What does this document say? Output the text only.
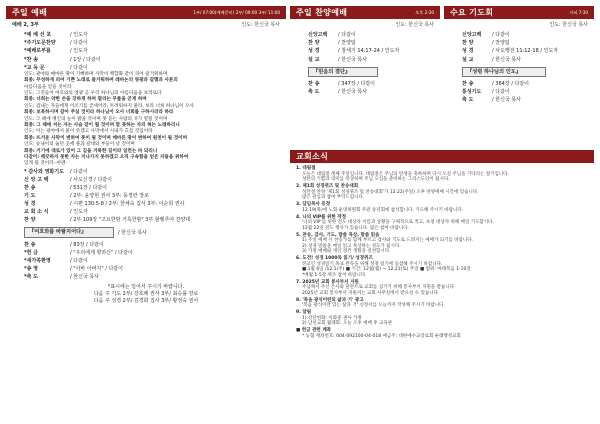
주일 예배	1부/ 07:00(예배준비) 2부/ 09:00 3부/ 11:00
예배 2, 3부	인도: 한신국 목사
*예 배 선 포	/ 인도자
*주기도문찬양	/ 다같이
*예배로부름	/ 인도자
*찬 송	/ 1장 / 다같이
*교 독 문	/ 다같이

인도: 광야와 메마른 땅이 기뻐하며 사막이 백합화 같이 피어 즐거워하며

회중: 무성하게 피어 기쁜 노래로 즐거워하며 레바논의 영광과 갈멜과 사론의

아름다움을 얻을 것이라

인도: 그것들이 여호와의 영광 곧 우리 하나님의 아름다움을 보리로다

회중: 너희는 약한 손을 강하게 하며 떨리는 무릎을 굳게 하며

인도: 겁내는 자들에게 이르기를 굳세어라, 두려워하지 말라, 보라 너희 하나님이 오사

회중: 보복하시며 갚아 주실 것이라 하나님이 오사 너희를 구하시리라 하라

인도: 그 때에 맹인의 눈이 밝을 것이며 못 듣는 사람의 귀가 열릴 것이며

회중: 그 때에 저는 자는 사슴 같이 뛸 것이며 말 못하는 자의 혀는 노래하리니

인도: 이는 광야에서 물이 솟겠고 사막에서 시내가 흐를 것임이라

회중: 뜨거운 사막이 변하여 못이 될 것이며 메마른 땅이 변하여 원천이 될 것이며

인도: 승냥이의 눕던 곳에 풀과 갈대와 부들이 날 것이며

회중: 거기에 대로가 있어 그 길을 거룩한 길이라 일컫는 바 되리니

다같이: 깨끗하지 못한 자는 지나가지 못하겠고 오직 구속함을 얻은 자들을 위하여

있게 될 것이라 -아멘-

* 감사와 영화기도	/ 다같이
신 앙 고 백	/ 사도신경 / 다같이
찬 송	/ 531장 / 다같이
기 도	/ 2부: 윤양현 권사 3부: 동정란 장로
성 경	/ 시편 130:5-8 / 2부: 한체숙 집사 3부: 이순희 권사
교 회 소 식	/ 인도자
찬 양	/ 2부 109장 "고요한밤 거룩한밤" 3부 할렐루야 찬양대
『여호와를 바랄지어다』	/ 한신국 목사
찬 송	/ 83장 / 다같이
*헌 금	/ "우리에게 향하신" / 다같이
*새가족환영	/ 다같이
*송 영	/ "아바 아버지" / 다같이
*축 도	/ 한신국 목사
*표시에는 일어서 주시기 바랍니다.
다음 주 기도 2부/ 강호례 권사 3부/ 최승률 장로
다음 주 성경 2부/ 김경화 집사 3부/ 황정숙 권사
주일 찬양예배	오후 2:30
인도: 한신국 목사
신앙고백	/ 다같이
찬 양	/ 찬양팀
성 경	/ 창세기 14:17-24 / 인도자
설 교	/ 한신국 목사
『믿음의 결단』
찬 송	/ 347장 / 다같이
축 도	/ 한신국 목사
수요 기도회	저녁 7:30
인도: 한신국 목사
신앙고백	/ 다같이
찬 양	/ 찬양팀
성 경	/ 사도행전 11:12-18 / 인도자
설 교	/ 한신국 목사
『성령 하나님의 인도』
찬 송	/ 384장 / 다같이
통성기도	/ 다같이
축 도	/ 한신국 목사
교회소식
1. 대림절
오늘은 대림절 셋째 주일입니다. 대림절은 주님의 탄생을 축하하며 다시 오실 주님을 기다리는 절기입니다.
성탄의 기쁨과 의미를 묵상하며 주님 오심을 준비하는 그리스도인이 됩시다.
2. 제1회 성경퀴즈 및 찬송대회
성탄절 찬양 '제1회 성경퀴즈 및 찬송대회'가 12.22(주일) 오후 찬양예배 시간에 있습니다.
많은 관심과 참여 부탁드립니다.
3. 담임목사 동정
12.19(목)에 노회 운영위원회 주관 송년회에 참석합니다. 기도해 주시기 바랍니다.
4. 나의 VIP를 위한 작정
'나의 VIP'를 위한 전도 대상자 이름과 상황을 구체적으로 적고, 초청 대상자 위해 매일 기도합시다.
12월 22일 전도 행사가 있습니다. 많은 참여 바랍니다.
5. 찬송, 감사, 기도, 말씀 묵상, 말씀 읽음
1) 주일 예배 시 찬송가를 함께 부르고 감사와 기도로 드려지는 예배가 되기를 바랍니다.
2) 성경 말씀을 매일 읽고 묵상하는 성도가 됩시다.
3) 가정 예배와 개인 경건 생활을 실천합시다.
6. 도전! 성경 1000독 읽기/ 성경퀴즈
전교인 성경읽기 목표 완독을 위해 성경 읽기에 동참해 주시기 바랍니다.
■ 1월 6일 /12.1(주) ■ 기간: 12월(월) ~ 12.21(토) 주일 ■ 범위: 마태복음 1-10장
*매월 1-5장 퀴즈 참여 바랍니다.
7. 2025년 교회 봉사부서 지원
주님께서 주신 은사와 달란트로 교회를 섬기기 위해 봉사부서 지원을 받습니다.
2025년 교회 봉사부서 지원서는 교회 사무실에서 받으실 수 있습니다.
8. '복음 광식이란의 삶과 기' 광고
'복음 광식이란 있는 삶과 기' 신청서를 오늘까지 작성해 주시기 바랍니다.
9. 알림
1) 강단헌화: 이화중 권사 가정
2) 남선교회 월례회: 오늘 오후 예배 후 교육관
■ 헌금 관련 계좌
* 농협 계좌번호: 004-092100-04-018 예금주: 대한예수교장로회 순례행성교회
